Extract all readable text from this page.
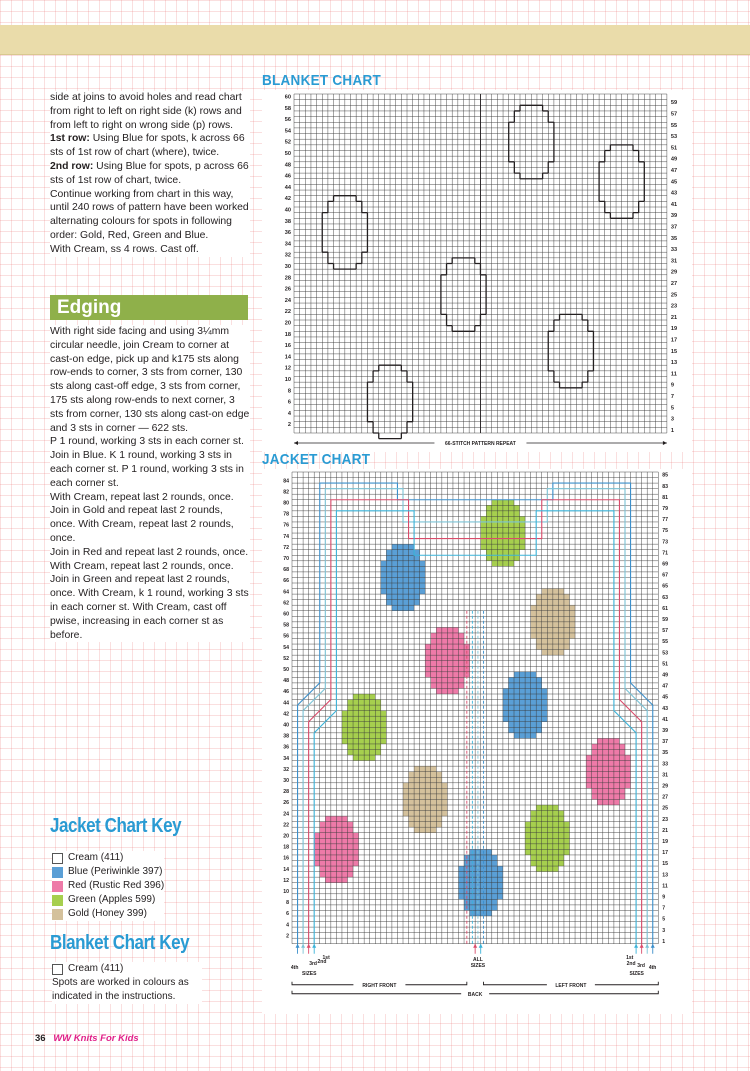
side at joins to avoid holes and read chart from right to left on right side (k) rows and from left to right on wrong side (p) rows.

1st row: Using Blue for spots, k across 66 sts of 1st row of chart (where), twice.

2nd row: Using Blue for spots, p across 66 sts of 1st row of chart, twice.

Continue working from chart in this way, until 240 rows of pattern have been worked alternating colours for spots in following order: Gold, Red, Green and Blue.

With Cream, ss 4 rows. Cast off.

Edging

With right side facing and using 3¼mm circular needle, join Cream to corner at cast-on edge, pick up and k175 sts along row-ends to corner, 3 sts from corner, 130 sts along cast-off edge, 3 sts from corner, 175 sts along row-ends to next corner, 3 sts from corner, 130 sts along cast-on edge and 3 sts in corner — 622 sts.

P 1 round, working 3 sts in each corner st.

Join in Blue. K 1 round, working 3 sts in each corner st. P 1 round, working 3 sts in each corner st.

With Cream, repeat last 2 rounds, once.

Join in Gold and repeat last 2 rounds, once. With Cream, repeat last 2 rounds, once.

Join in Red and repeat last 2 rounds, once.

With Cream, repeat last 2 rounds, once.

Join in Green and repeat last 2 rounds, once. With Cream, k 1 round, working 3 sts in each corner st. With Cream, cast off pwise, increasing in each corner st as before.

Jacket Chart Key
Cream (411)
Blue (Periwinkle 397)
Red (Rustic Red 396)
Green (Apples 599)
Gold (Honey 399)
Blanket Chart Key
Cream (411)
Spots are worked in colours as indicated in the instructions.
BLANKET CHART
1
2
3
4
5
6
7
8
9
10
11
12
13
14
15
16
17
18
19
20
21
22
23
24
25
26
27
28
29
30
31
32
33
34
35
36
37
38
39
40
41
42
43
44
45
46
47
48
49
50
51
52
53
54
55
56
57
58
59
60
66-STITCH PATTERN REPEAT
JACKET CHART
1
2
3
4
5
6
7
8
9
10
11
12
13
14
15
16
17
18
19
20
21
22
23
24
25
26
27
28
29
30
31
32
33
34
35
36
37
38
39
40
41
42
43
44
45
46
47
48
49
50
51
52
53
54
55
56
57
58
59
60
61
62
63
64
65
66
67
68
69
70
71
72
73
74
75
76
77
78
79
80
81
82
83
84
85
1st
3rd 2nd
4th
SIZES
ALL
SIZES
1st
2nd 3rd 4th
SIZES
RIGHT FRONT	LEFT FRONT
BACK
36 WW Knits For Kids
